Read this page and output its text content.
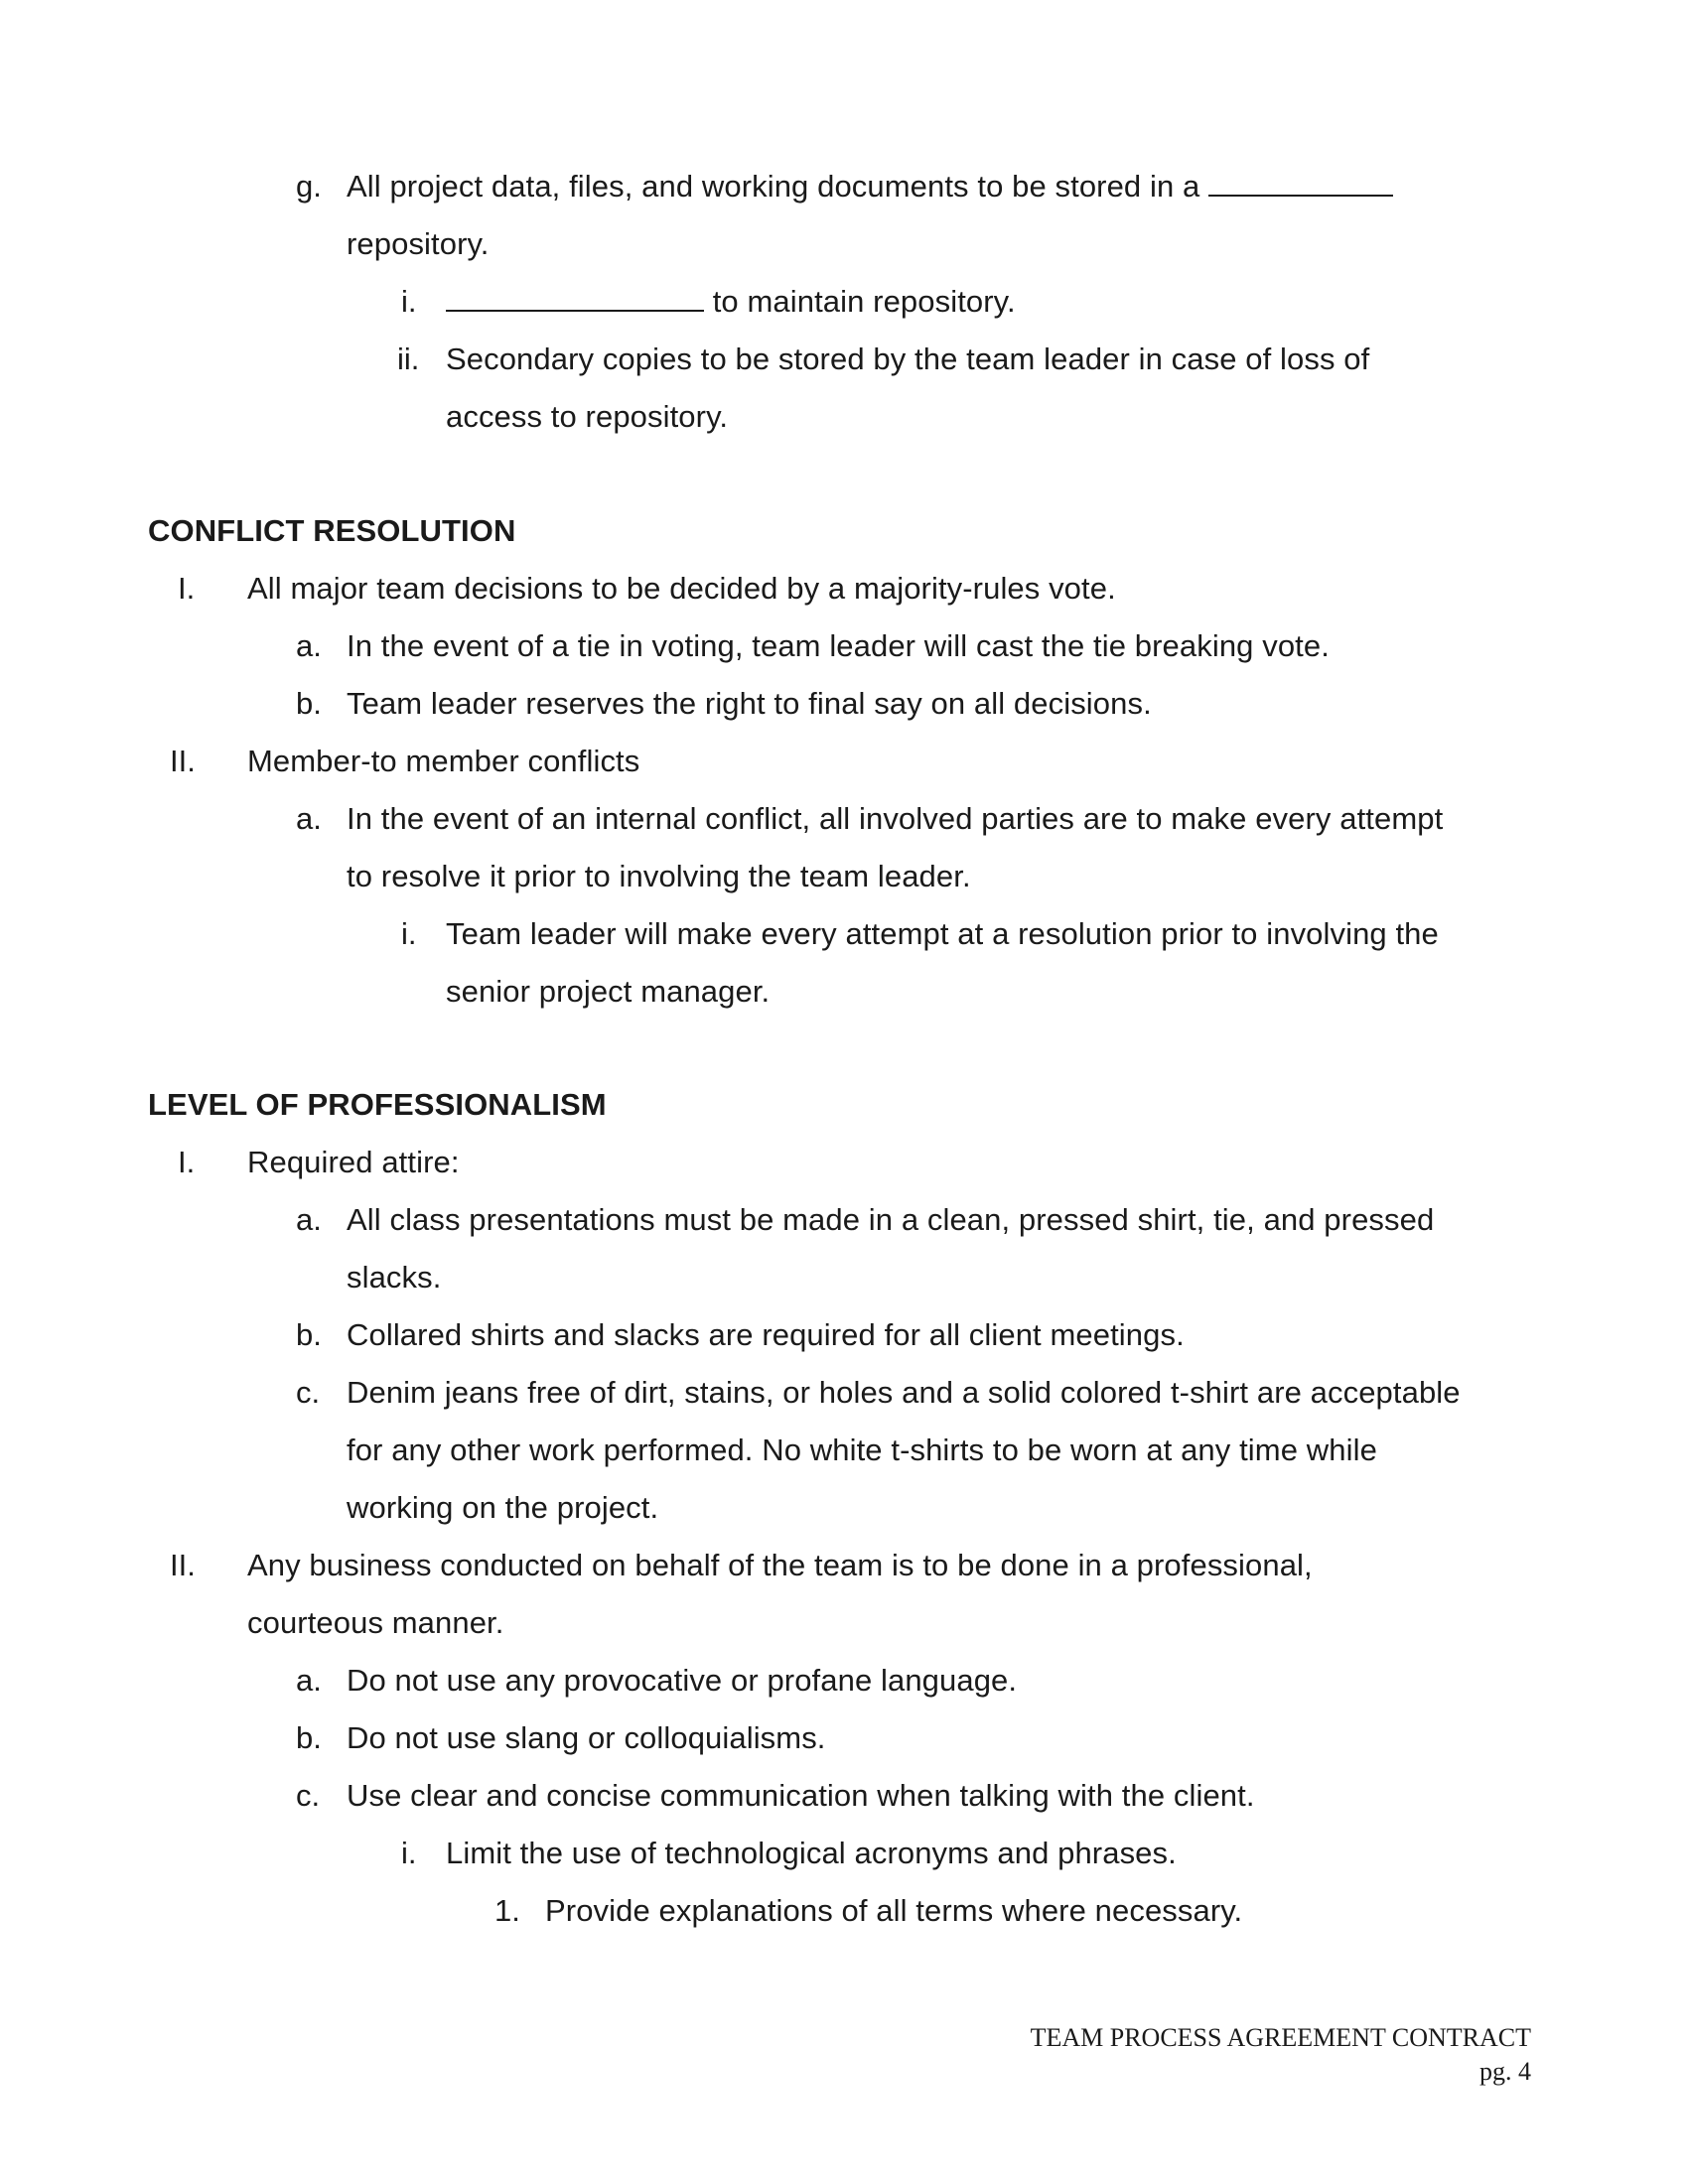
g. All project data, files, and working documents to be stored in a
repository.
i.	to maintain repository.
ii. Secondary copies to be stored by the team leader in case of loss of
access to repository.
CONFLICT RESOLUTION
I. All major team decisions to be decided by a majority-rules vote.
a. In the event of a tie in voting, team leader will cast the tie breaking vote.
b. Team leader reserves the right to final say on all decisions.
II. Member-to member conflicts
a. In the event of an internal conflict, all involved parties are to make every attempt
to resolve it prior to involving the team leader.
i. Team leader will make every attempt at a resolution prior to involving the
senior project manager.
LEVEL OF PROFESSIONALISM
I. Required attire:
a. All class presentations must be made in a clean, pressed shirt, tie, and pressed
slacks.
b. Collared shirts and slacks are required for all client meetings.
c. Denim jeans free of dirt, stains, or holes and a solid colored t-shirt are acceptable
for any other work performed. No white t-shirts to be worn at any time while
working on the project.
II. Any business conducted on behalf of the team is to be done in a professional,
courteous manner.
a. Do not use any provocative or profane language.
b. Do not use slang or colloquialisms.
c. Use clear and concise communication when talking with the client.
i. Limit the use of technological acronyms and phrases.
1. Provide explanations of all terms where necessary.
TEAM PROCESS AGREEMENT CONTRACT
pg. 4
